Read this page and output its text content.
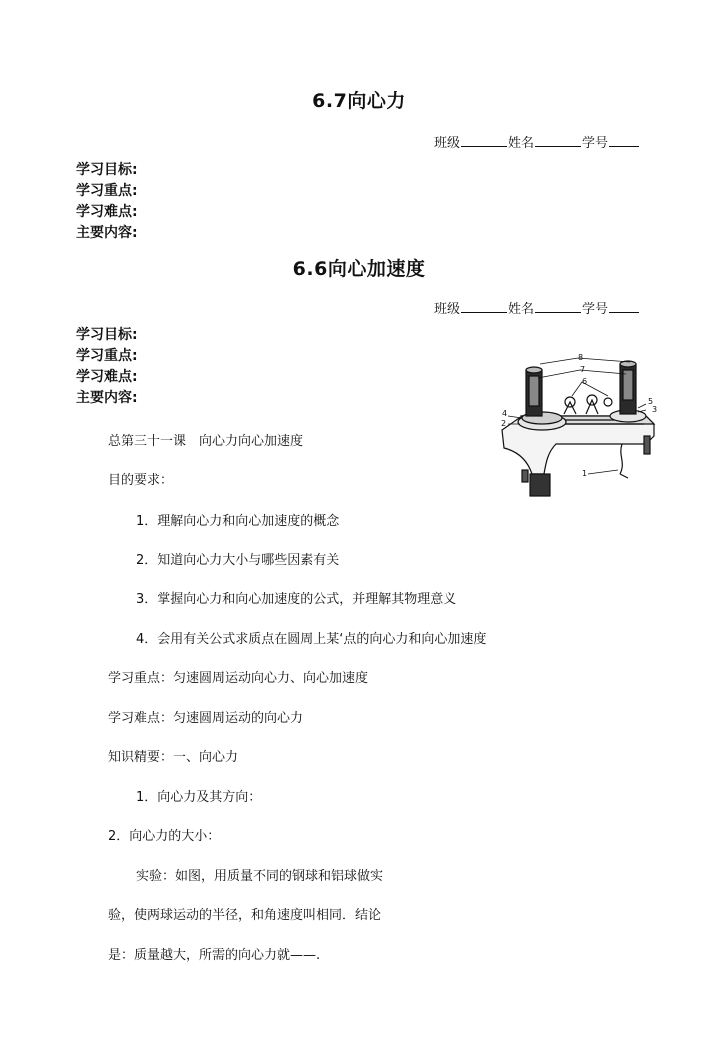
6.7向心力
班级	姓名	学号
学习目标:
学习重点:
学习难点:
主要内容:
6.6向心加速度
班级	姓名	学号
学习目标:
学习重点:
学习难点:
主要内容:
8
7
6
5
3
4
2
1
总第三十一课　向心力向心加速度
目的要求：
1．理解向心力和向心加速度的概念
2．知道向心力大小与哪些因素有关
3．掌握向心力和向心加速度的公式，并理解其物理意义
4．会用有关公式求质点在圆周上某‘点的向心力和向心加速度
学习重点：匀速圆周运动向心力、向心加速度
学习难点：匀速圆周运动的向心力
知识精要：一、向心力
1．向心力及其方向：
2．向心力的大小：
实验：如图，用质量不同的钢球和铝球做实
验，使两球运动的半径，和角速度叫相同．结论
是：质量越大，所需的向心力就——.
